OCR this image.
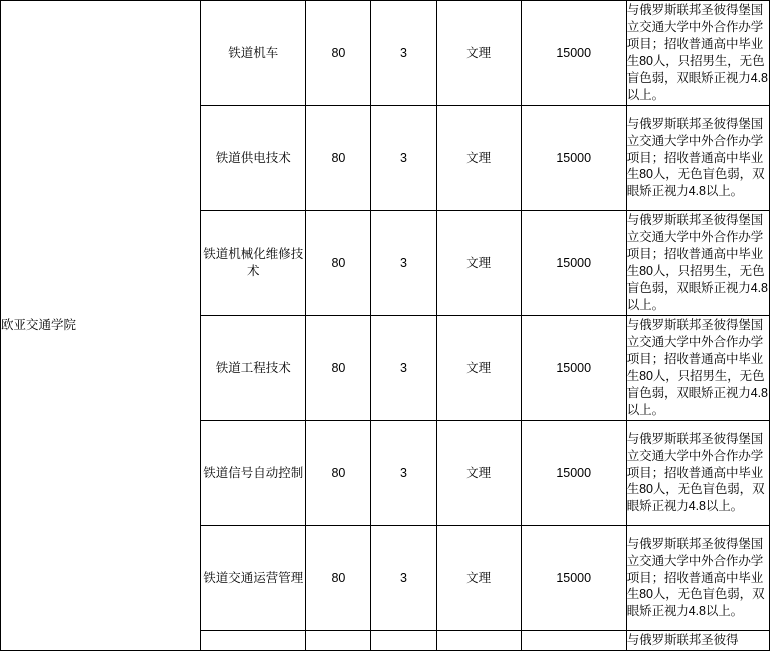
欧亚交通学院	铁道机车	80	3	文理	15000	与俄罗斯联邦圣彼得堡国立交通大学中外合作办学项目；招收普通高中毕业生80人，只招男生，无色盲色弱，双眼矫正视力4.8以上。
	铁道供电技术	80	3	文理	15000	与俄罗斯联邦圣彼得堡国立交通大学中外合作办学项目；招收普通高中毕业生80人，无色盲色弱，双眼矫正视力4.8以上。
	铁道机械化维修技术	80	3	文理	15000	与俄罗斯联邦圣彼得堡国立交通大学中外合作办学项目；招收普通高中毕业生80人，只招男生，无色盲色弱，双眼矫正视力4.8以上。
	铁道工程技术	80	3	文理	15000	与俄罗斯联邦圣彼得堡国立交通大学中外合作办学项目；招收普通高中毕业生80人，只招男生，无色盲色弱，双眼矫正视力4.8以上。
	铁道信号自动控制	80	3	文理	15000	与俄罗斯联邦圣彼得堡国立交通大学中外合作办学项目；招收普通高中毕业生80人，无色盲色弱，双眼矫正视力4.8以上。
	铁道交通运营管理	80	3	文理	15000	与俄罗斯联邦圣彼得堡国立交通大学中外合作办学项目；招收普通高中毕业生80人，无色盲色弱，双眼矫正视力4.8以上。
						与俄罗斯联邦圣彼得
